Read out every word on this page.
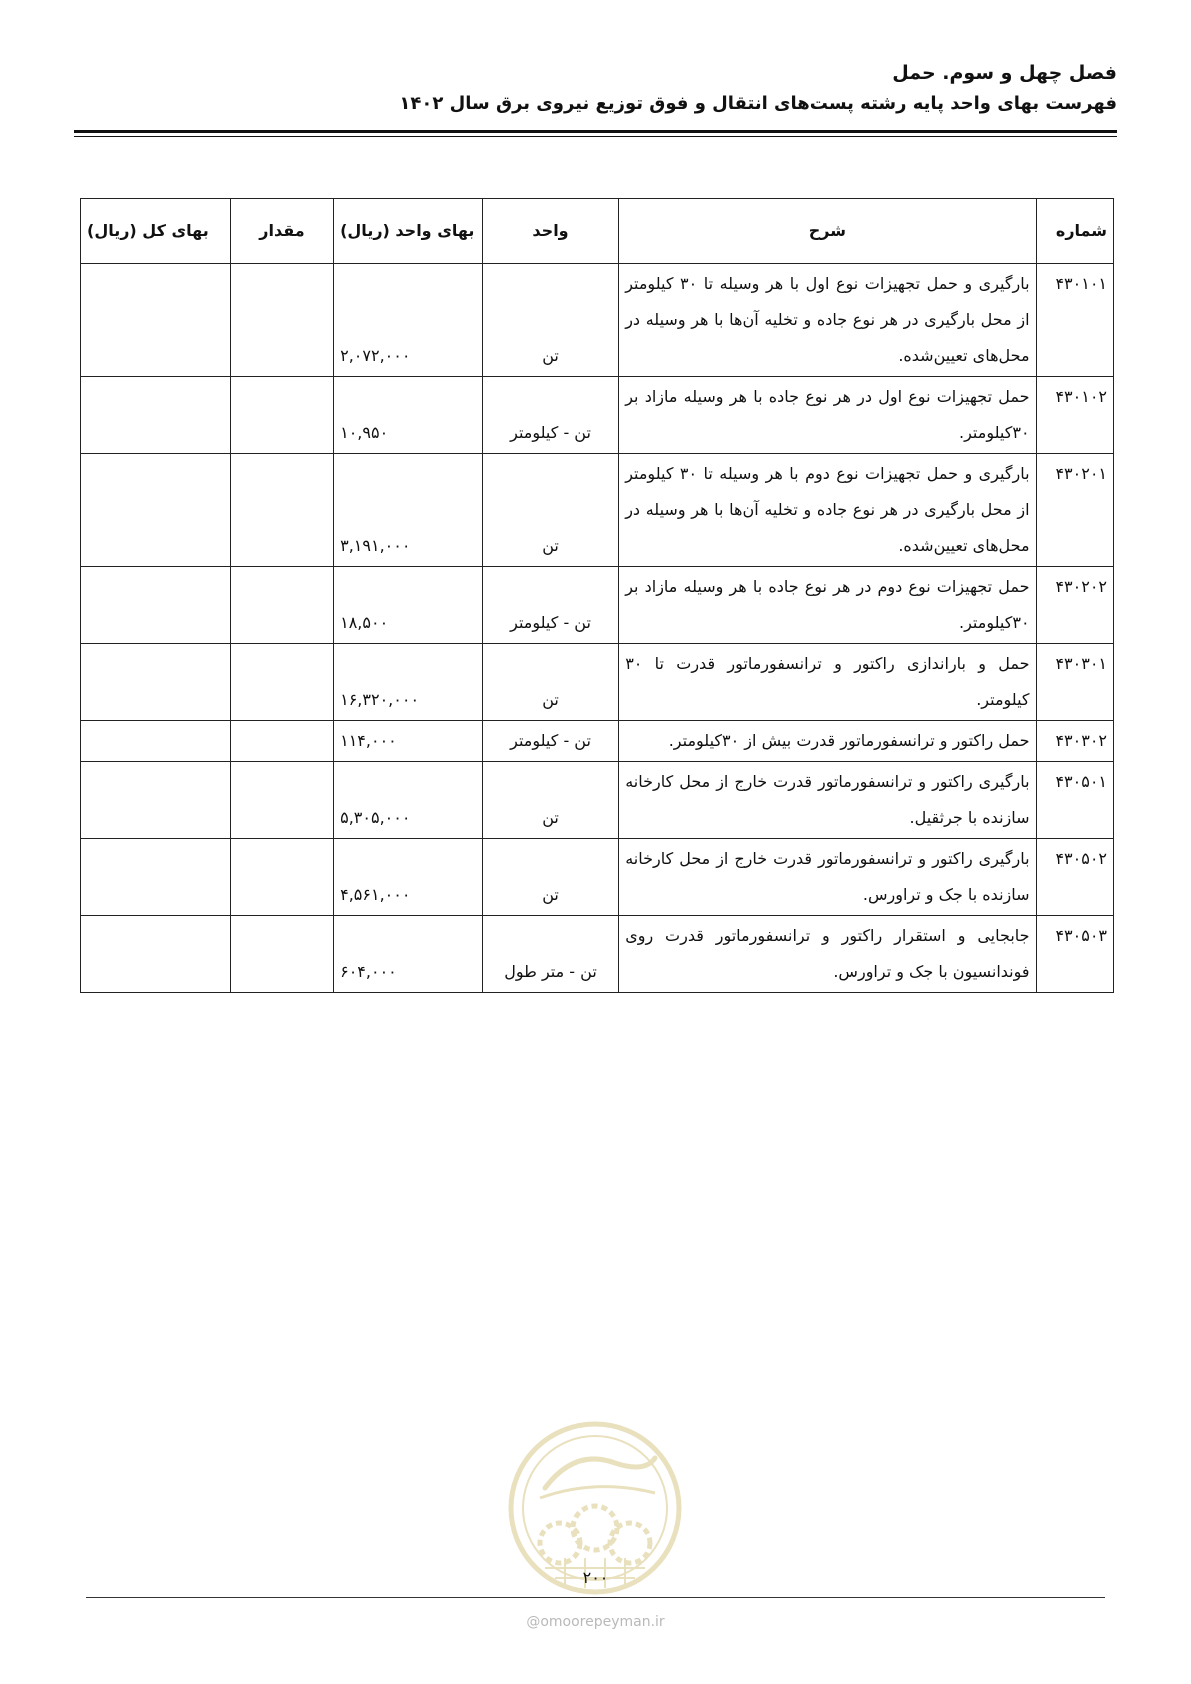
فصل چهل و سوم. حمل
فهرست بهای واحد پایه رشته پست‌های انتقال و فوق توزیع نیروی برق سال ۱۴۰۲
شماره	شرح	واحد	بهای واحد (ریال)	مقدار	بهای کل (ریال)
۴۳۰۱۰۱	بارگیری و حمل تجهیزات نوع اول با هر وسیله تا ۳۰ کیلومتر از محل بارگیری در هر نوع جاده و تخلیه آن‌ها با هر وسیله در محل‌های تعیین‌شده.	تن	۲,۰۷۲,۰۰۰		
۴۳۰۱۰۲	حمل تجهیزات نوع اول در هر نوع جاده با هر وسیله مازاد بر ۳۰کیلومتر.	تن - کیلومتر	۱۰,۹۵۰		
۴۳۰۲۰۱	بارگیری و حمل تجهیزات نوع دوم با هر وسیله تا ۳۰ کیلومتر از محل بارگیری در هر نوع جاده و تخلیه آن‌ها با هر وسیله در محل‌های تعیین‌شده.	تن	۳,۱۹۱,۰۰۰		
۴۳۰۲۰۲	حمل تجهیزات نوع دوم در هر نوع جاده با هر وسیله مازاد بر ۳۰کیلومتر.	تن - کیلومتر	۱۸,۵۰۰		
۴۳۰۳۰۱	حمل و باراندازی راکتور و ترانسفورماتور قدرت تا ۳۰ کیلومتر.	تن	۱۶,۳۲۰,۰۰۰		
۴۳۰۳۰۲	حمل راکتور و ترانسفورماتور قدرت بیش از ۳۰کیلومتر.	تن - کیلومتر	۱۱۴,۰۰۰		
۴۳۰۵۰۱	بارگیری راکتور و ترانسفورماتور قدرت خارج از محل کارخانه سازنده با جرثقیل.	تن	۵,۳۰۵,۰۰۰		
۴۳۰۵۰۲	بارگیری راکتور و ترانسفورماتور قدرت خارج از محل کارخانه سازنده با جک و تراورس.	تن	۴,۵۶۱,۰۰۰		
۴۳۰۵۰۳	جابجایی و استقرار راکتور و ترانسفورماتور قدرت روی فوندانسیون با جک و تراورس.	تن - متر طول	۶۰۴,۰۰۰		
۲۰۰
@omoorepeyman.ir
